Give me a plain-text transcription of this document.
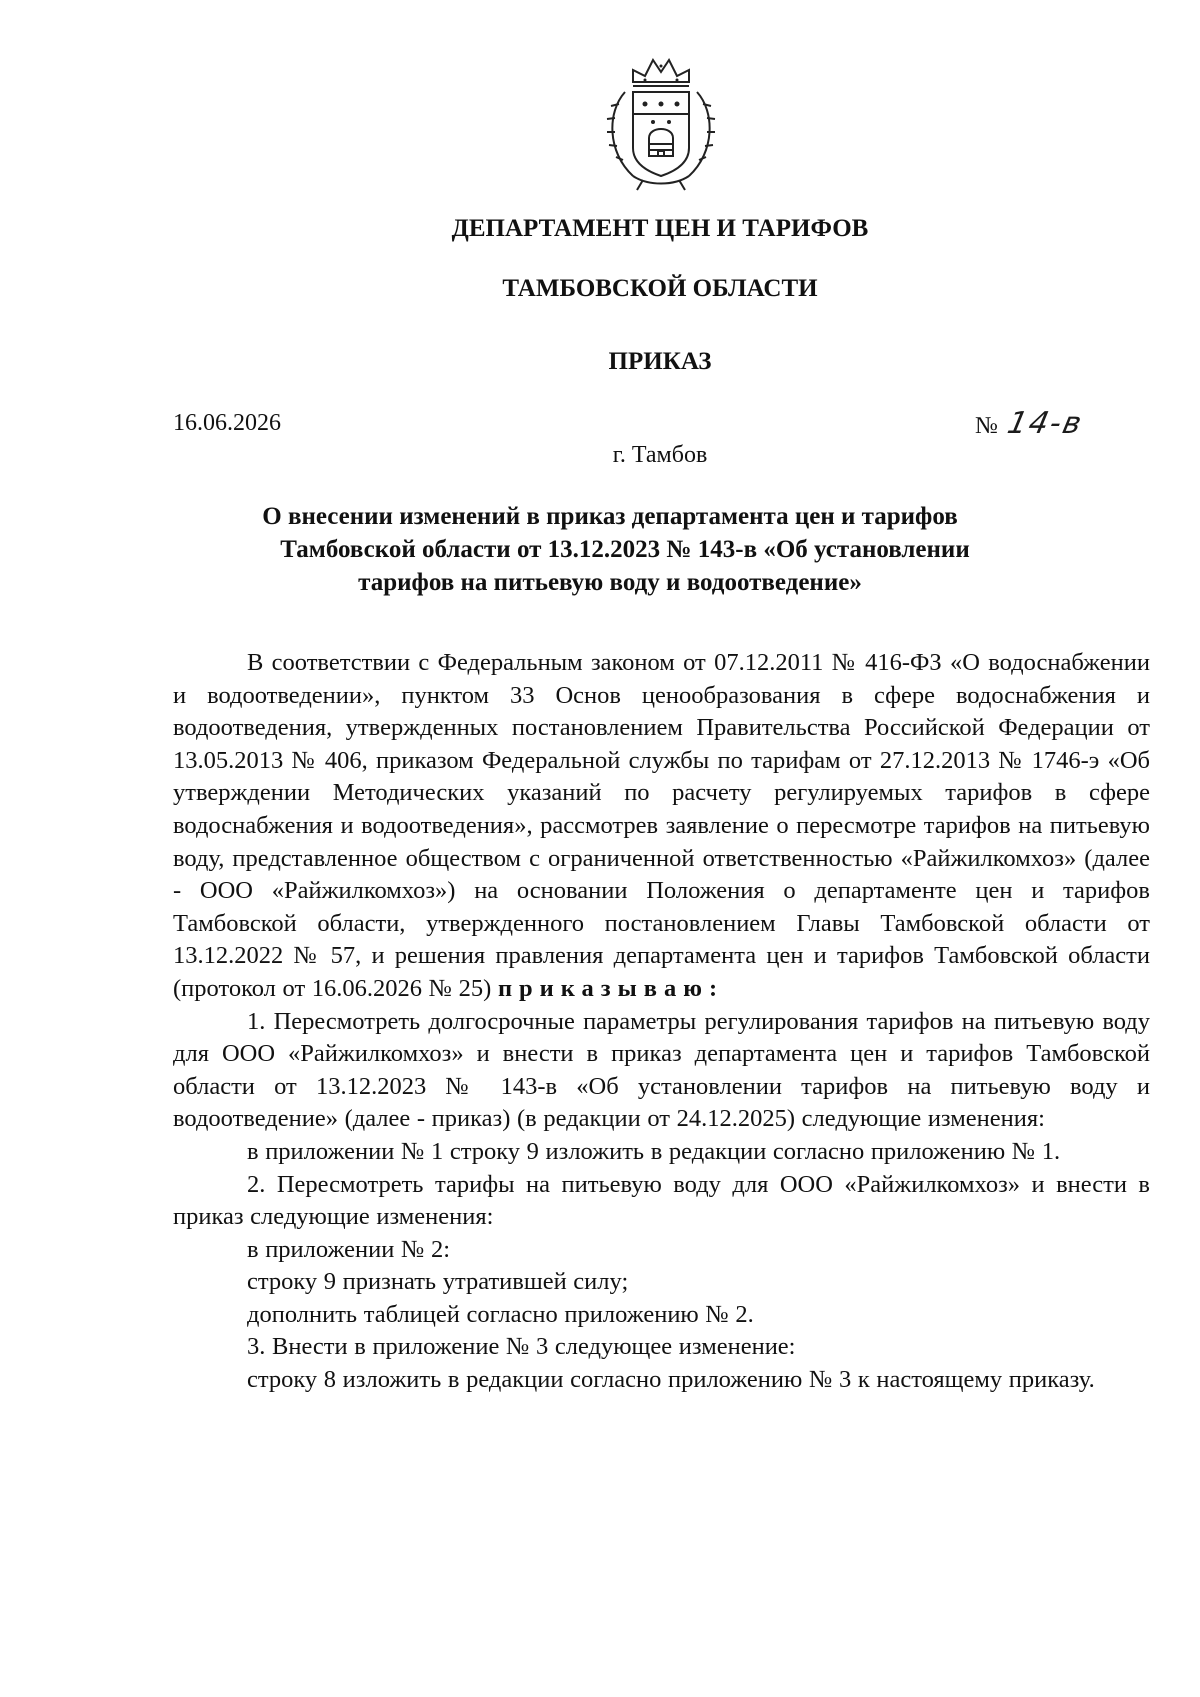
ДЕПАРТАМЕНТ ЦЕН И ТАРИФОВ
ТАМБОВСКОЙ ОБЛАСТИ
ПРИКАЗ
16.06.2026	№ 14-в
г. Тамбов
О внесении изменений в приказ департамента цен и тарифов
Тамбовской области от 13.12.2023 № 143-в «Об установлении
тарифов на питьевую воду и водоотведение»

В соответствии с Федеральным законом от 07.12.2011 № 416-ФЗ «О водоснабжении и водоотведении», пунктом 33 Основ ценообразования в сфере водоснабжения и водоотведения, утвержденных постановлением Правительства Российской Федерации от 13.05.2013 № 406, приказом Федеральной службы по тарифам от 27.12.2013 № 1746-э «Об утверждении Методических указаний по расчету регулируемых тарифов в сфере водоснабжения и водоотведения», рассмотрев заявление о пересмотре тарифов на питьевую воду, представленное обществом с ограниченной ответственностью «Райжилкомхоз» (далее - ООО «Райжилкомхоз») на основании Положения о департаменте цен и тарифов Тамбовской области, утвержденного постановлением Главы Тамбовской области от 13.12.2022 № 57, и решения правления департамента цен и тарифов Тамбовской области (протокол от 16.06.2026 № 25) приказываю:

1. Пересмотреть долгосрочные параметры регулирования тарифов на питьевую воду для ООО «Райжилкомхоз» и внести в приказ департамента цен и тарифов Тамбовской области от 13.12.2023 № 143-в «Об установлении тарифов на питьевую воду и водоотведение» (далее - приказ) (в редакции от 24.12.2025) следующие изменения:

в приложении № 1 строку 9 изложить в редакции согласно приложению № 1.

2. Пересмотреть тарифы на питьевую воду для ООО «Райжилкомхоз» и внести в приказ следующие изменения:

в приложении № 2:

строку 9 признать утратившей силу;

дополнить таблицей согласно приложению № 2.

3. Внести в приложение № 3 следующее изменение:

строку 8 изложить в редакции согласно приложению № 3 к настоящему приказу.
